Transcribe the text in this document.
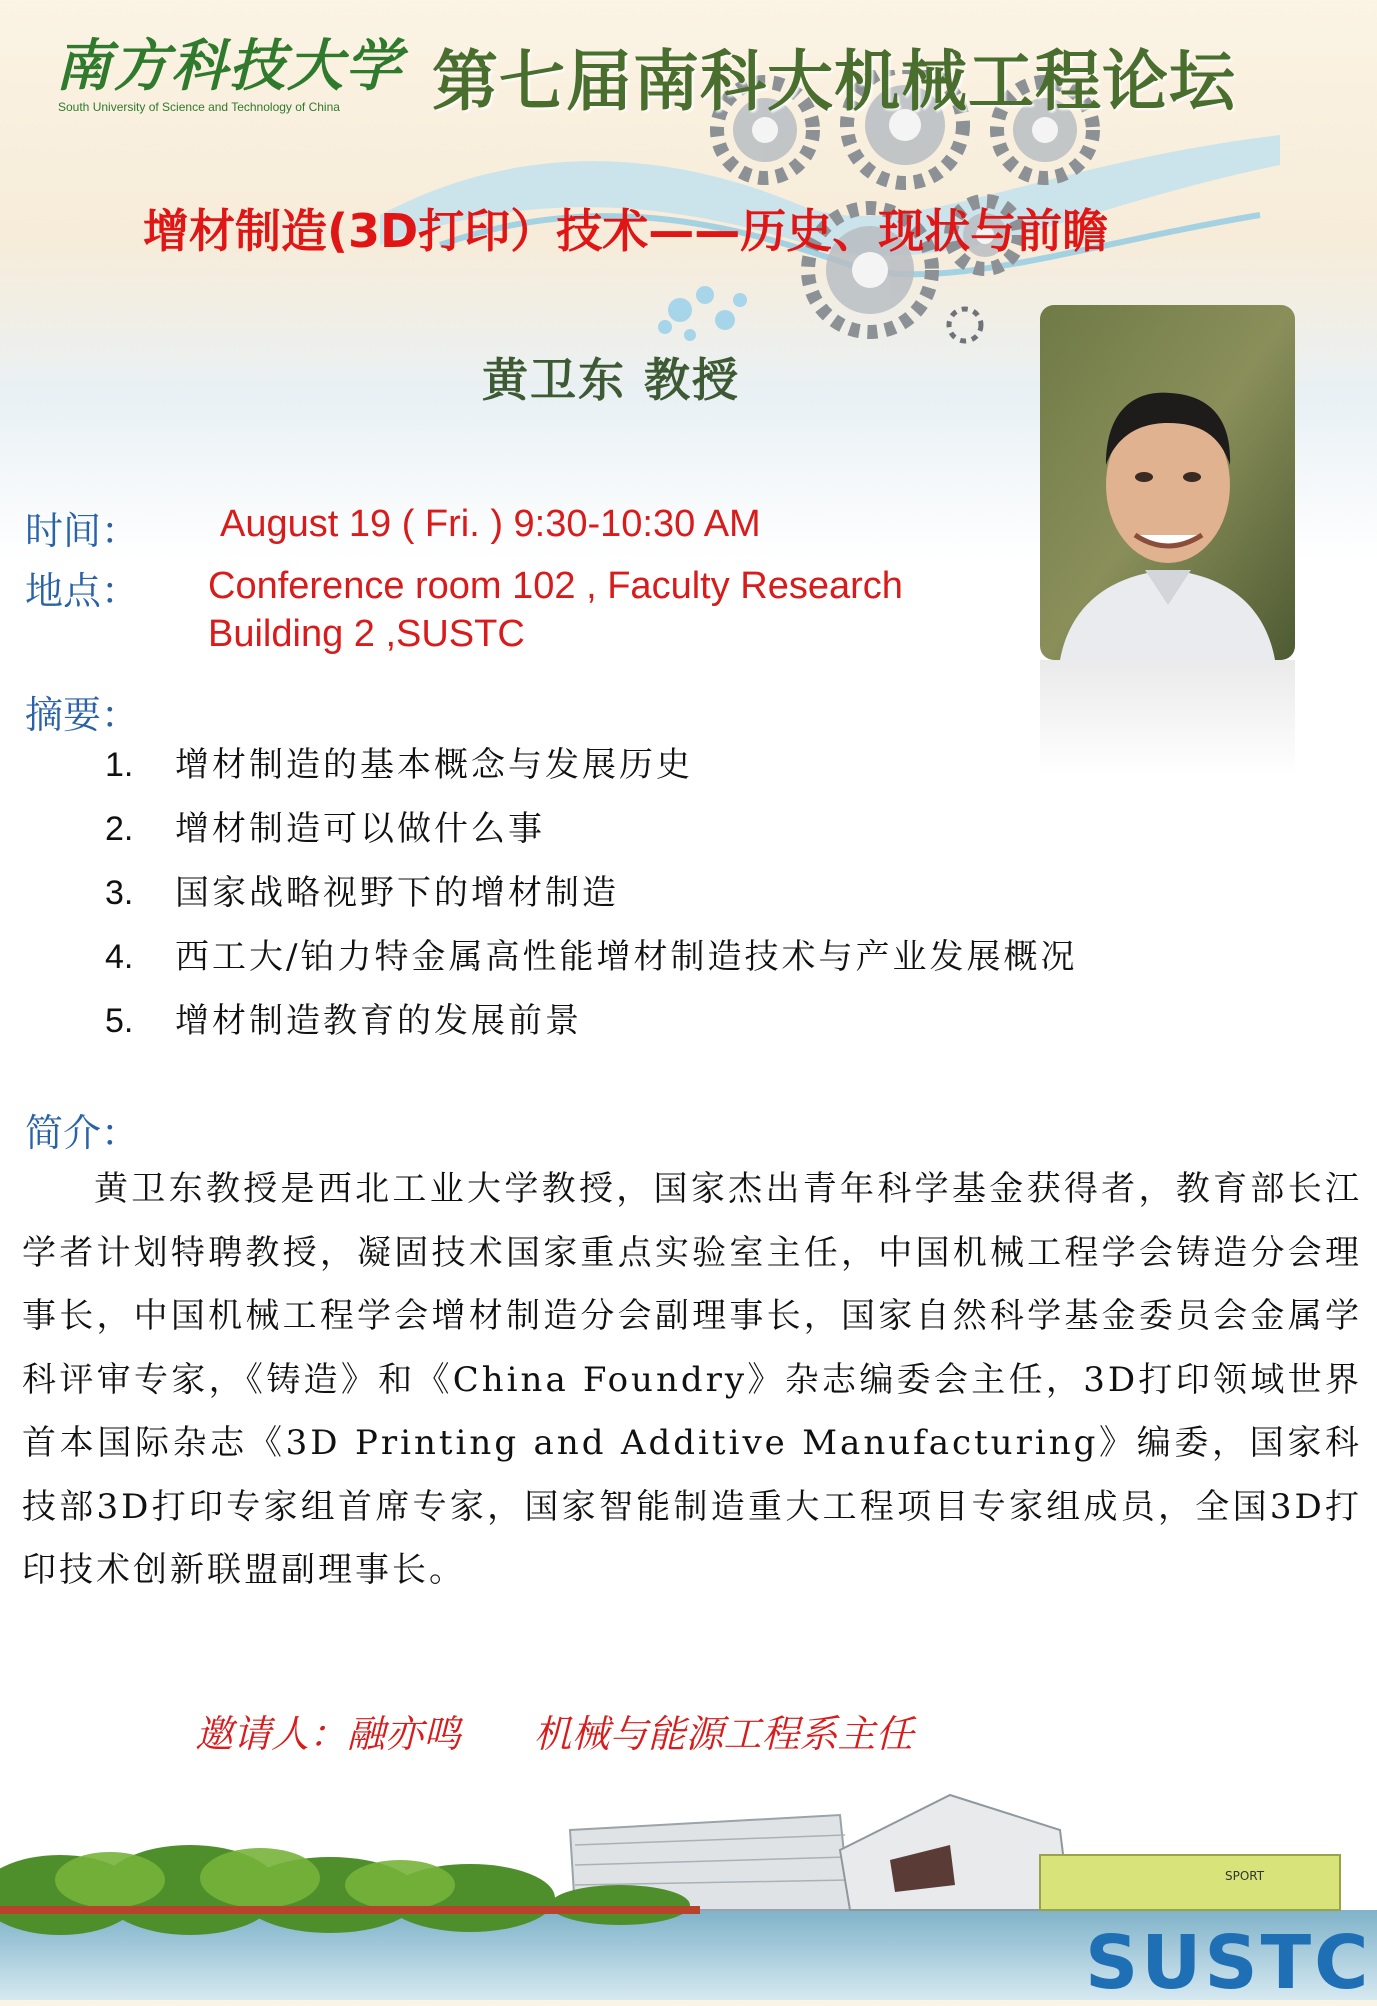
南方科技大学
South University of Science and Technology of China 第七届南科大机械工程论坛
增材制造(3D打印）技术——历史、现状与前瞻
黄卫东 教授
时间： August 19 ( Fri. ) 9:30-10:30 AM
地点： Conference room 102 , Faculty Research
Building 2 ,SUSTC
摘要：
1. 增材制造的基本概念与发展历史
2. 增材制造可以做什么事
3. 国家战略视野下的增材制造
4. 西工大/铂力特金属高性能增材制造技术与产业发展概况
5. 增材制造教育的发展前景
简介：
黄卫东教授是西北工业大学教授，国家杰出青年科学基金获得者，教育部长江学者计划特聘教授，凝固技术国家重点实验室主任，中国机械工程学会铸造分会理事长，中国机械工程学会增材制造分会副理事长，国家自然科学基金委员会金属学科评审专家，《铸造》和《China Foundry》杂志编委会主任，3D打印领域世界首本国际杂志《3D Printing and Additive Manufacturing》编委，国家科技部3D打印专家组首席专家，国家智能制造重大工程项目专家组成员，全国3D打印技术创新联盟副理事长。
邀请人：融亦鸣      机械与能源工程系主任
SPORT
SUSTC
